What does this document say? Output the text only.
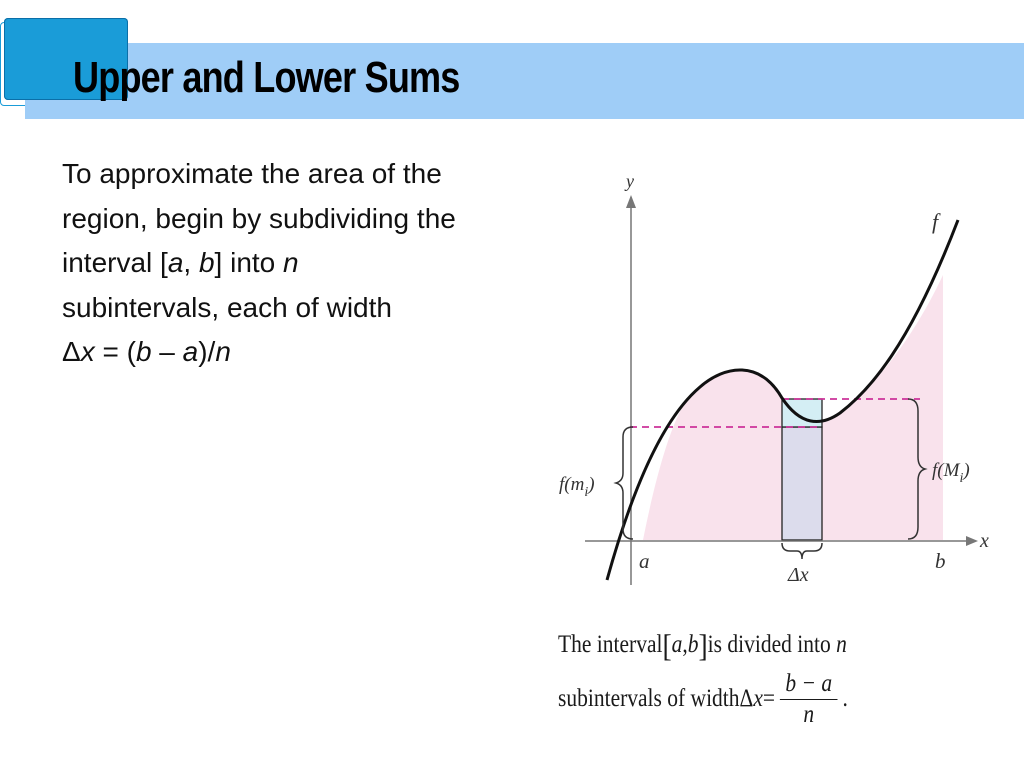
Upper and Lower Sums
To approximate the area of the
region, begin by subdividing the
interval [a, b] into n
subintervals, each of width
Δx = (b – a)/n
y
x
f
a	b
Δx
$f(m_i)$
$f(M_i)$
The interval [ a , b ] is divided into
n
subintervals of width Δ $x = \frac{b - a}{n}$ .
